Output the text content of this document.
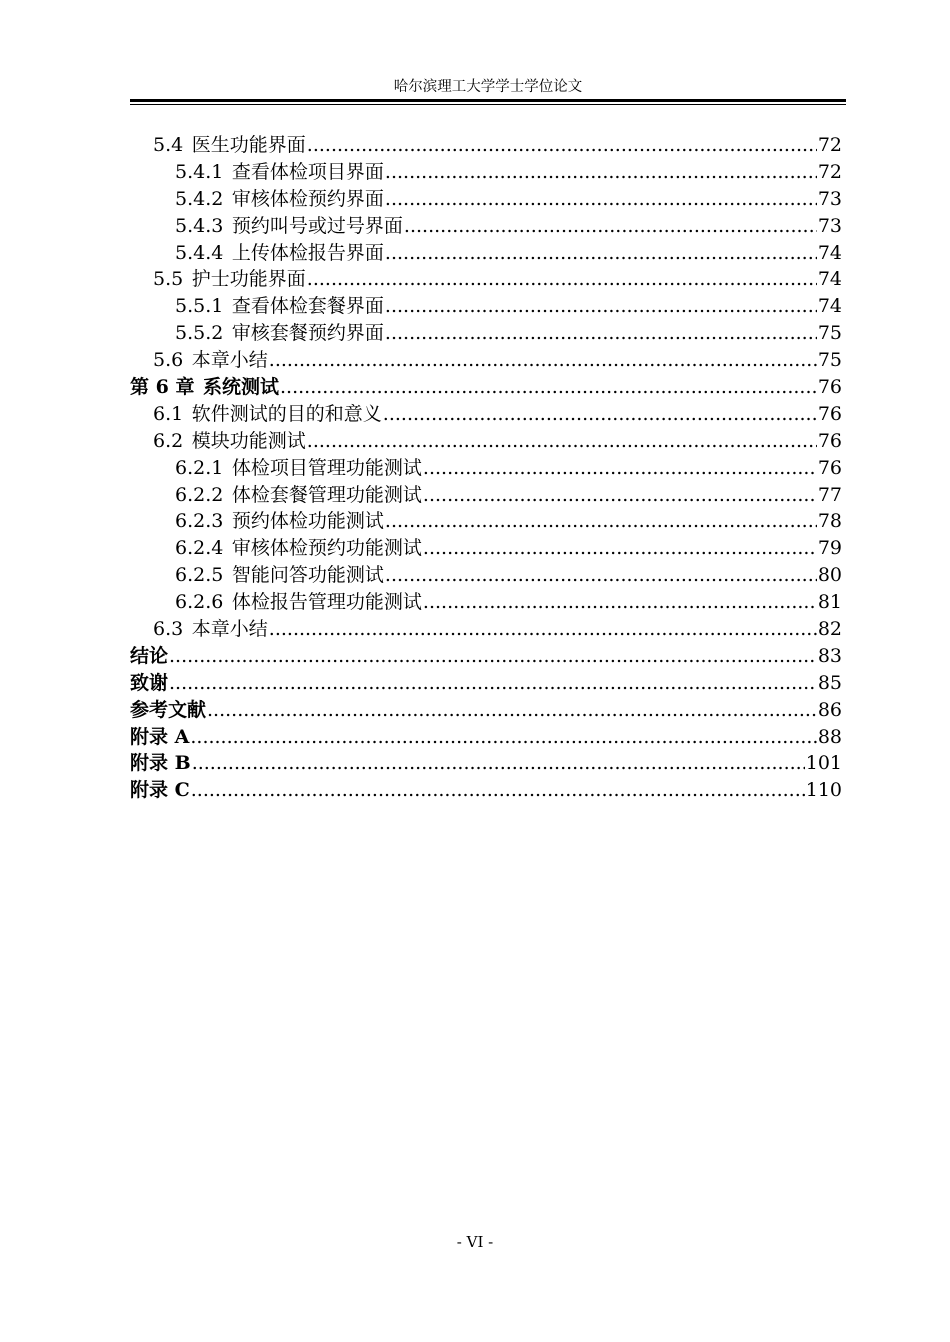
哈尔滨理工大学学士学位论文
5.4 医生功能界面 .....	72
5.4.1 查看体检项目界面 .....	72
5.4.2 审核体检预约界面 .....	73
5.4.3 预约叫号或过号界面 .....	73
5.4.4 上传体检报告界面 .....	74
5.5 护士功能界面 .....	74
5.5.1 查看体检套餐界面 .....	74
5.5.2 审核套餐预约界面 .....	75
5.6 本章小结 .....	75
第 6 章 系统测试 .....	76
6.1 软件测试的目的和意义 .....	76
6.2 模块功能测试 .....	76
6.2.1 体检项目管理功能测试 .....	76
6.2.2 体检套餐管理功能测试 .....	77
6.2.3 预约体检功能测试 .....	78
6.2.4 审核体检预约功能测试 .....	79
6.2.5 智能问答功能测试 .....	80
6.2.6 体检报告管理功能测试 .....	81
6.3 本章小结 .....	82
结论 .....	83
致谢 .....	85
参考文献 .....	86
附录 A .....	88
附录 B .....	101
附录 C .....	110
- VI -
